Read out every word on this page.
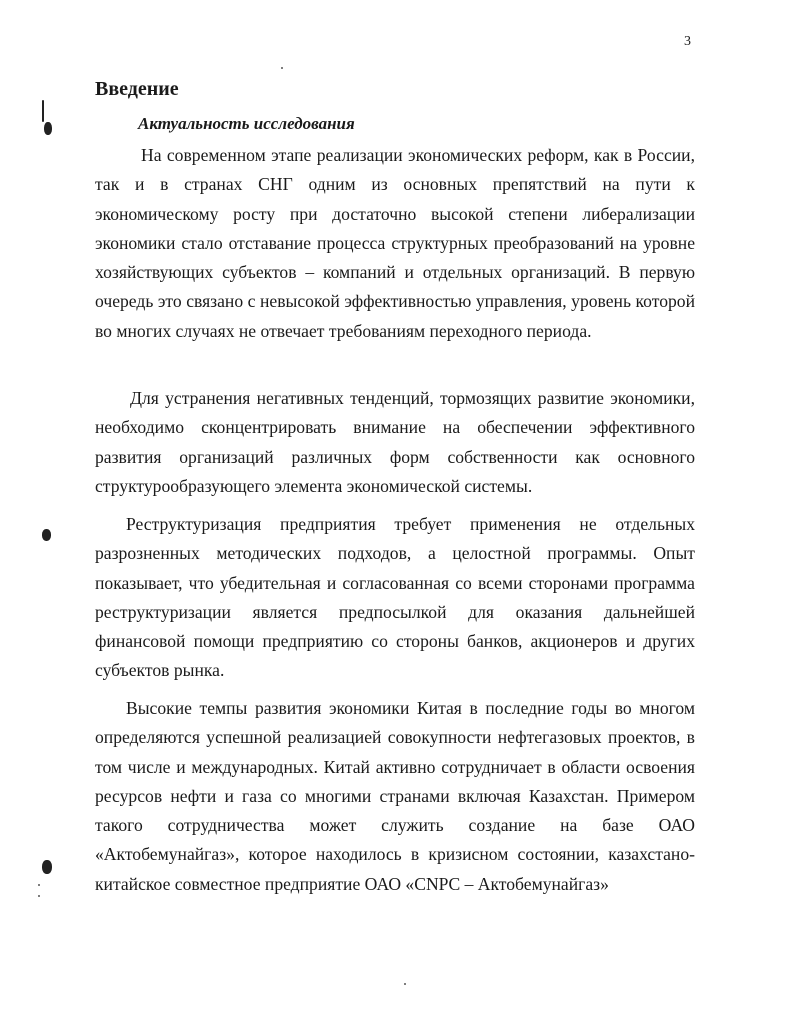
3
Введение
Актуальность исследования

На современном этапе реализации экономических реформ, как в России, так и в странах СНГ одним из основных препятствий на пути к экономическому росту при достаточно высокой степени либерализации экономики стало отставание процесса структурных преобразований на уровне хозяйствующих субъектов – компаний и отдельных организаций. В первую очередь это связано с невысокой эффективностью управления, уровень которой во многих случаях не отвечает требованиям переходного периода.

Для устранения негативных тенденций, тормозящих развитие экономики, необходимо сконцентрировать внимание на обеспечении эффективного развития организаций различных форм собственности как основного структурообразующего элемента экономической системы.

Реструктуризация предприятия требует применения не отдельных разрозненных методических подходов, а целостной программы. Опыт показывает, что убедительная и согласованная со всеми сторонами программа реструктуризации является предпосылкой для оказания дальнейшей финансовой помощи предприятию со стороны банков, акционеров и других субъектов рынка.

Высокие темпы развития экономики Китая в последние годы во многом определяются успешной реализацией совокупности нефтегазовых проектов, в том числе и международных. Китай активно сотрудничает в области освоения ресурсов нефти и газа со многими странами включая Казахстан. Примером такого сотрудничества может служить создание на базе ОАО «Актобемунайгаз», которое находилось в кризисном состоянии, казахстано-китайское совместное предприятие ОАО «CNPC – Актобемунайгаз»
